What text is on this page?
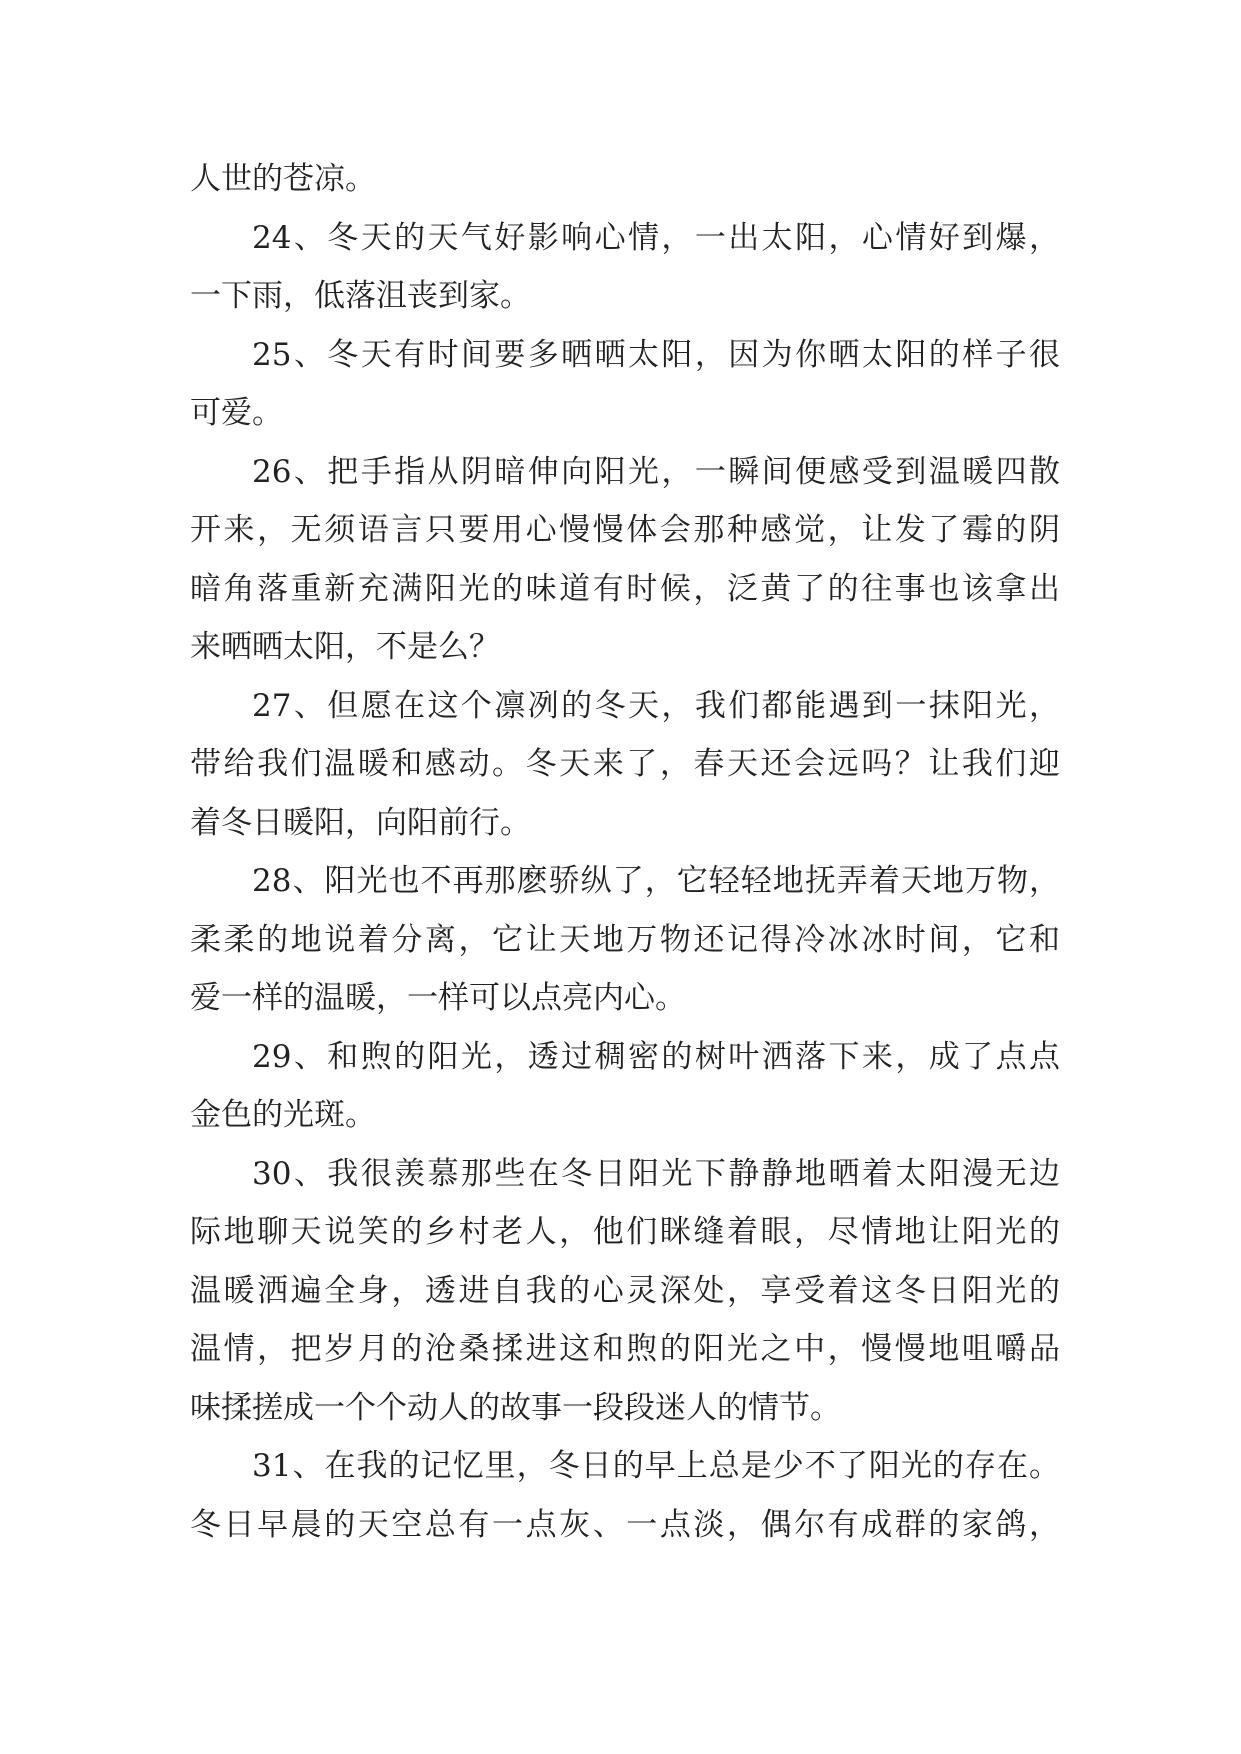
人世的苍凉。
24、冬天的天气好影响心情，一出太阳，心情好到爆，
一下雨，低落沮丧到家。
25、冬天有时间要多晒晒太阳，因为你晒太阳的样子很
可爱。
26、把手指从阴暗伸向阳光，一瞬间便感受到温暖四散
开来，无须语言只要用心慢慢体会那种感觉，让发了霉的阴
暗角落重新充满阳光的味道有时候，泛黄了的往事也该拿出
来晒晒太阳，不是么？
27、但愿在这个凛冽的冬天，我们都能遇到一抹阳光，
带给我们温暖和感动。冬天来了，春天还会远吗？让我们迎
着冬日暖阳，向阳前行。
28、阳光也不再那麽骄纵了，它轻轻地抚弄着天地万物，
柔柔的地说着分离，它让天地万物还记得冷冰冰时间，它和
爱一样的温暖，一样可以点亮内心。
29、和煦的阳光，透过稠密的树叶洒落下来，成了点点
金色的光斑。
30、我很羡慕那些在冬日阳光下静静地晒着太阳漫无边
际地聊天说笑的乡村老人，他们眯缝着眼，尽情地让阳光的
温暖洒遍全身，透进自我的心灵深处，享受着这冬日阳光的
温情，把岁月的沧桑揉进这和煦的阳光之中，慢慢地咀嚼品
味揉搓成一个个动人的故事一段段迷人的情节。
31、在我的记忆里，冬日的早上总是少不了阳光的存在。
冬日早晨的天空总有一点灰、一点淡，偶尔有成群的家鸽，
